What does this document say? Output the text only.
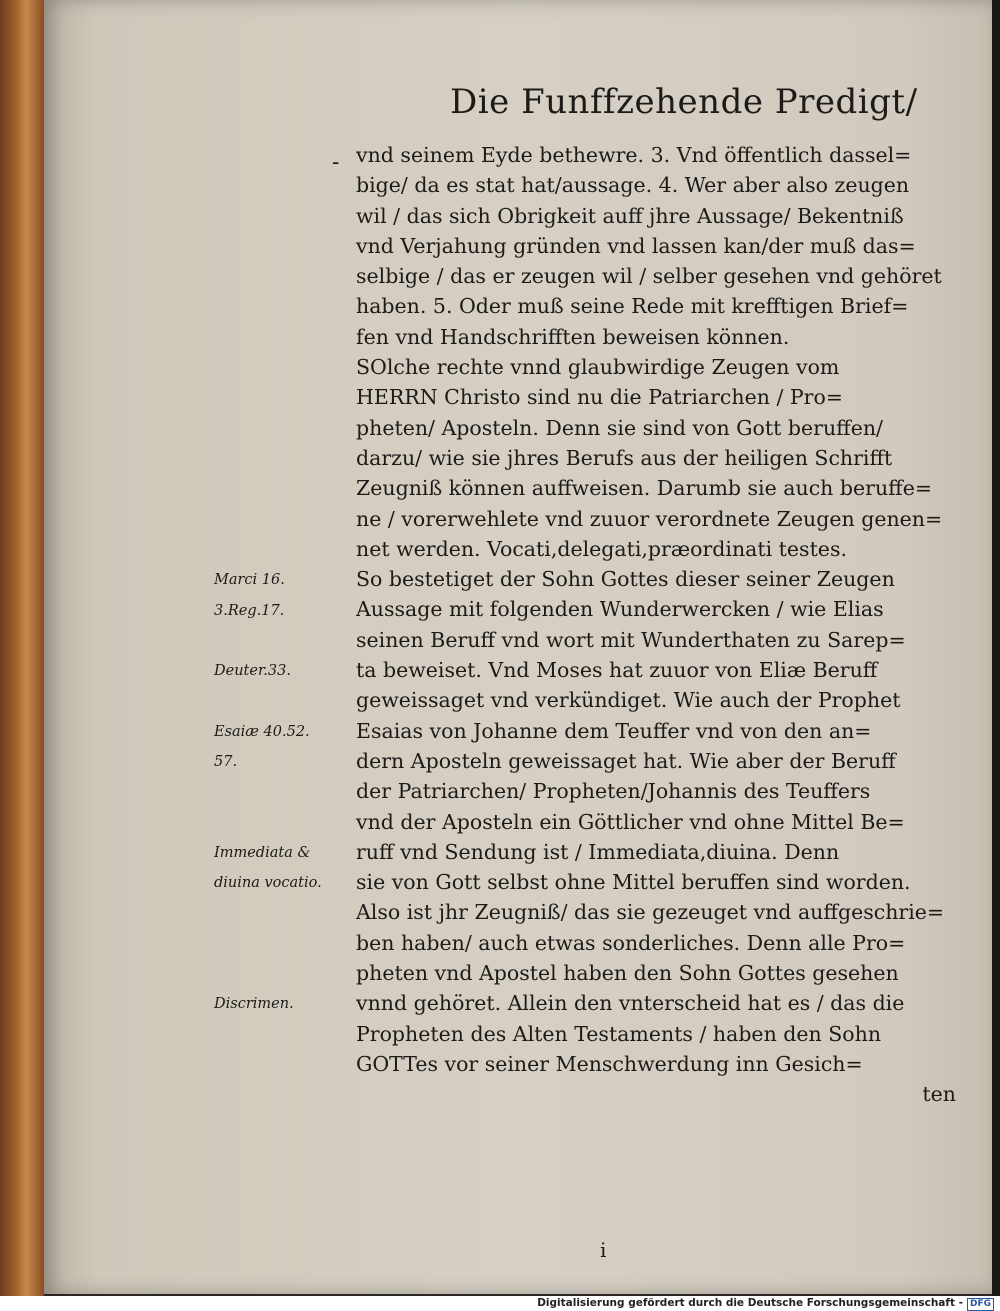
Die Funffzehende Predigt/
- vnd seinem Eyde bethewre. 3. Vnd öffentlich dassel=
bige/ da es stat hat/aussage. 4. Wer aber also zeugen
wil / das sich Obrigkeit auff jhre Aussage/ Bekentniß
vnd Verjahung gründen vnd lassen kan/der muß das=
selbige / das er zeugen wil / selber gesehen vnd gehöret
haben. 5. Oder muß seine Rede mit krefftigen Brief=
fen vnd Handschrifften beweisen können.
SOlche rechte vnnd glaubwirdige Zeugen vom
HERRN Christo sind nu die Patriarchen / Pro=
pheten/ Aposteln. Denn sie sind von Gott beruffen/
darzu/ wie sie jhres Berufs aus der heiligen Schrifft
Zeugniß können auffweisen. Darumb sie auch beruffe=
ne / vorerwehlete vnd zuuor verordnete Zeugen genen=
net werden. Vocati,delegati,præordinati testes.
So bestetiget der Sohn Gottes dieser seiner Zeugen
Aussage mit folgenden Wunderwercken / wie Elias
seinen Beruff vnd wort mit Wunderthaten zu Sarep=
ta beweiset. Vnd Moses hat zuuor von Eliæ Beruff
geweissaget vnd verkündiget. Wie auch der Prophet
Esaias von Johanne dem Teuffer vnd von den an=
dern Aposteln geweissaget hat. Wie aber der Beruff
der Patriarchen/ Propheten/Johannis des Teuffers
vnd der Aposteln ein Göttlicher vnd ohne Mittel Be=
ruff vnd Sendung ist / Immediata,diuina. Denn
sie von Gott selbst ohne Mittel beruffen sind worden.
Also ist jhr Zeugniß/ das sie gezeuget vnd auffgeschrie=
ben haben/ auch etwas sonderliches. Denn alle Pro=
pheten vnd Apostel haben den Sohn Gottes gesehen
vnnd gehöret. Allein den vnterscheid hat es / das die
Propheten des Alten Testaments / haben den Sohn
GOTTes vor seiner Menschwerdung inn Gesich=
ten
Marci 16.
3.Reg.17.
Deuter.33.
Esaiæ 40.52.
57.
Immediata &
diuina vocatio.
Discrimen.
i
Digitalisierung gefördert durch die Deutsche Forschungsgemeinschaft - DFG
